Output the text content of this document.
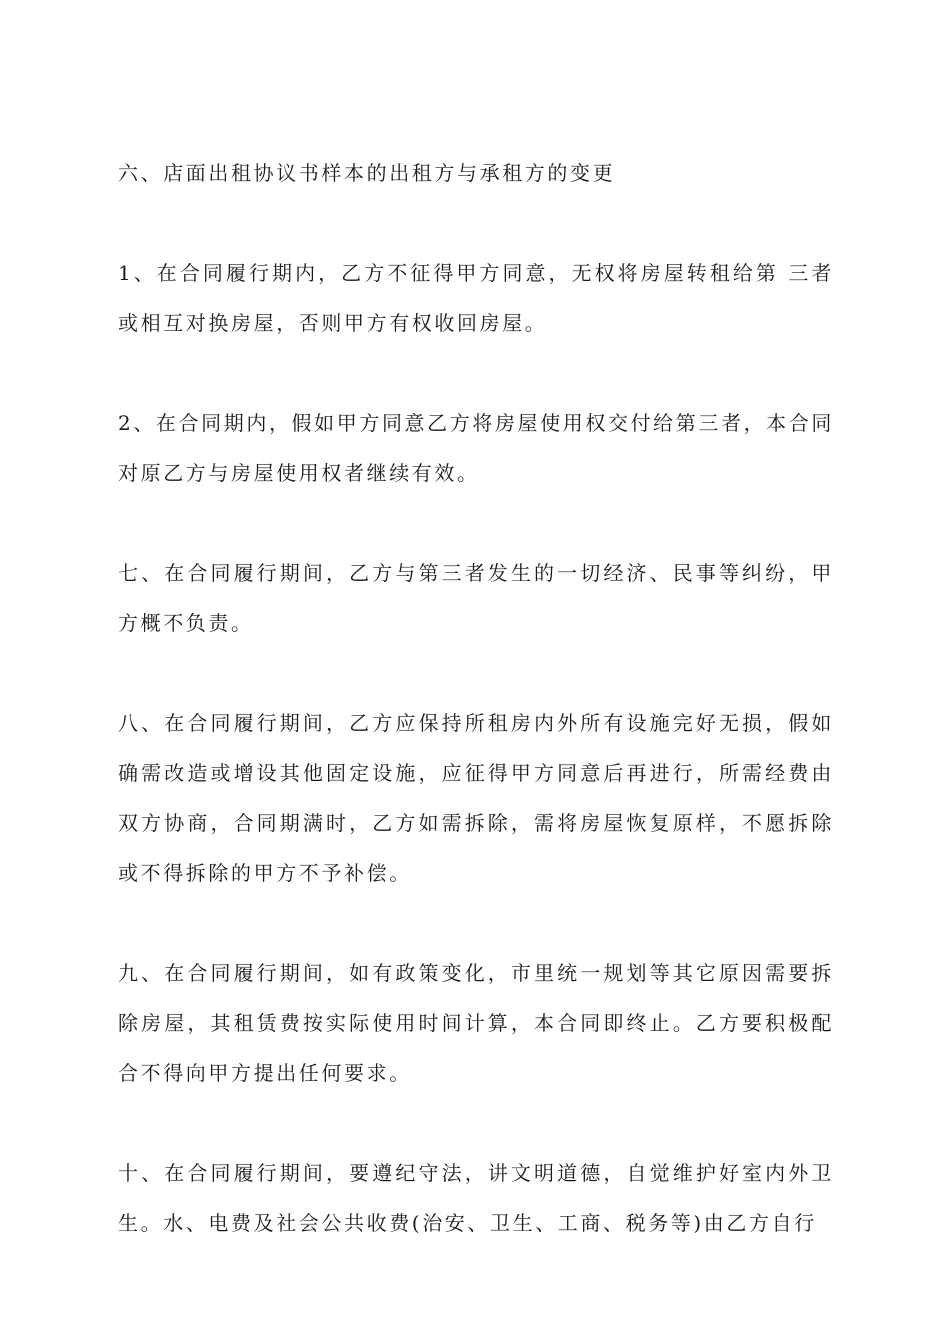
六、店面出租协议书样本的出租方与承租方的变更

1、在合同履行期内，乙方不征得甲方同意，无权将房屋转租给第 三者或相互对换房屋，否则甲方有权收回房屋。

2、在合同期内，假如甲方同意乙方将房屋使用权交付给第三者，本合同对原乙方与房屋使用权者继续有效。

七、在合同履行期间，乙方与第三者发生的一切经济、民事等纠纷，甲方概不负责。

八、在合同履行期间，乙方应保持所租房内外所有设施完好无损，假如确需改造或增设其他固定设施，应征得甲方同意后再进行，所需经费由双方协商，合同期满时，乙方如需拆除，需将房屋恢复原样，不愿拆除或不得拆除的甲方不予补偿。

九、在合同履行期间，如有政策变化，市里统一规划等其它原因需要拆除房屋，其租赁费按实际使用时间计算，本合同即终止。乙方要积极配合不得向甲方提出任何要求。

十、在合同履行期间，要遵纪守法，讲文明道德，自觉维护好室内外卫生。水、电费及社会公共收费(治安、卫生、工商、税务等)由乙方自行
